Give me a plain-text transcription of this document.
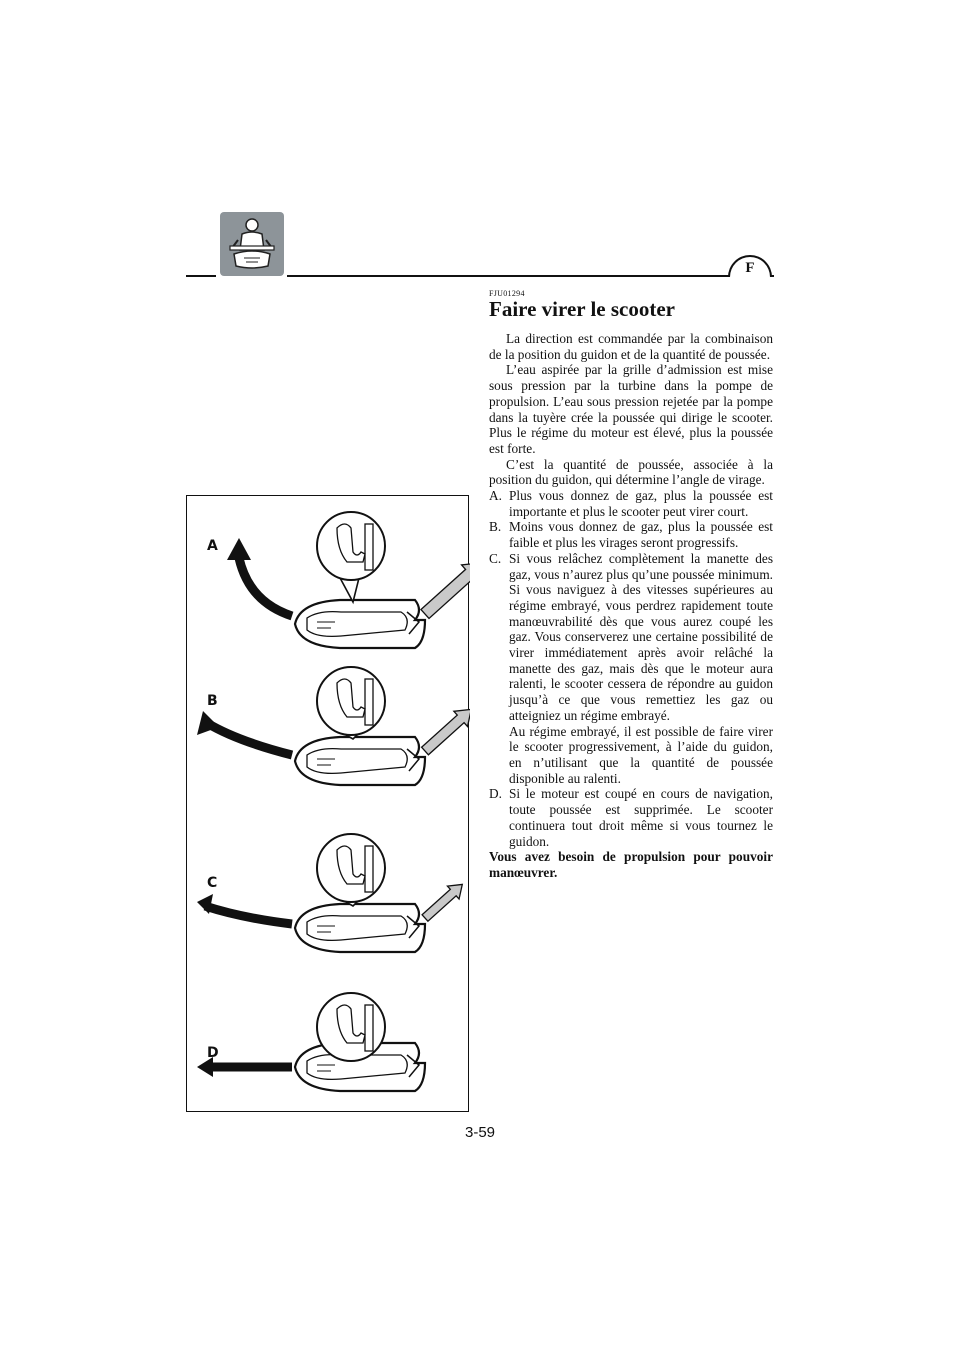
F
FJU01294
Faire virer le scooter

La direction est commandée par la combinaison de la position du guidon et de la quantité de poussée.

L’eau aspirée par la grille d’admission est mise sous pression par la turbine dans la pompe de propulsion. L’eau sous pression rejetée par la pompe dans la tuyère crée la poussée qui dirige le scooter. Plus le régime du moteur est élevé, plus la poussée est forte.

C’est la quantité de poussée, associée à la position du guidon, qui détermine l’angle de virage.

A. Plus vous donnez de gaz, plus la poussée est importante et plus le scooter peut virer court.

B. Moins vous donnez de gaz, plus la poussée est faible et plus les virages seront progressifs.

C. Si vous relâchez complètement la manette des gaz, vous n’aurez plus qu’une poussée minimum. Si vous naviguez à des vitesses supérieures au régime embrayé, vous perdrez rapidement toute manœuvrabilité dès que vous aurez coupé les gaz. Vous conserverez une certaine possibilité de virer immédiatement après avoir relâché la manette des gaz, mais dès que le moteur aura ralenti, le scooter cessera de répondre au guidon jusqu’à ce que vous remettiez les gaz ou atteigniez un régime embrayé.

Au régime embrayé, il est possible de faire virer le scooter progressivement, à l’aide du guidon, en n’utilisant que la quantité de poussée disponible au ralenti.

D. Si le moteur est coupé en cours de navigation, toute poussée est supprimée. Le scooter continuera tout droit même si vous tournez le guidon.

Vous avez besoin de propulsion pour pouvoir manœuvrer.

A
B
C
D
3-59
